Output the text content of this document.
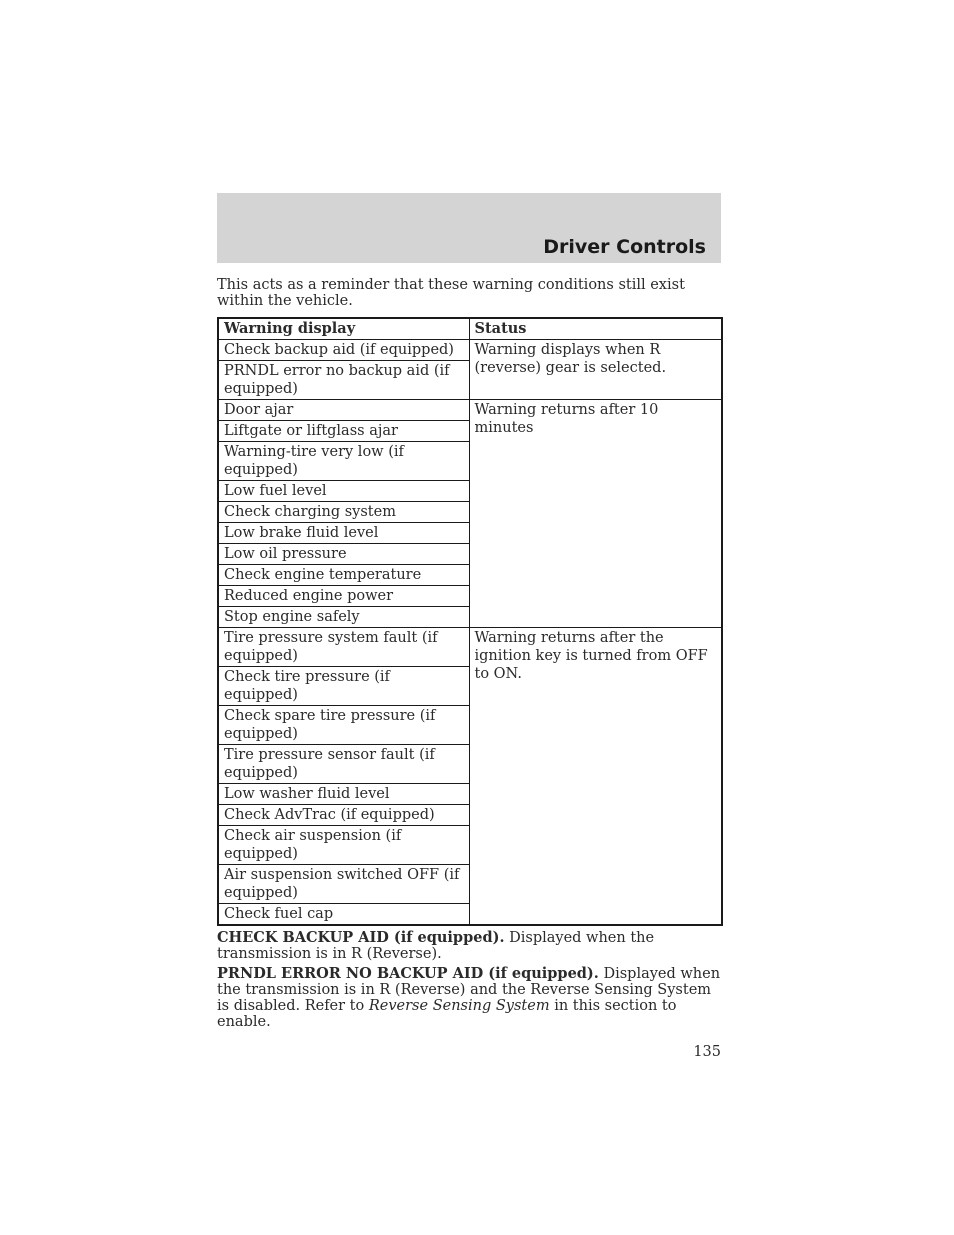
Driver Controls
This acts as a reminder that these warning conditions still exist within the vehicle.
Warning display	Status
Check backup aid (if equipped)	Warning displays when R (reverse) gear is selected.
PRNDL error no backup aid (if equipped)	
Door ajar	Warning returns after 10 minutes
Liftgate or liftglass ajar	
Warning-tire very low (if equipped)	
Low fuel level	
Check charging system	
Low brake fluid level	
Low oil pressure	
Check engine temperature	
Reduced engine power	
Stop engine safely	
Tire pressure system fault (if equipped)	Warning returns after the ignition key is turned from OFF to ON.
Check tire pressure (if equipped)	
Check spare tire pressure (if equipped)	
Tire pressure sensor fault (if equipped)	
Low washer fluid level	
Check AdvTrac (if equipped)	
Check air suspension (if equipped)	
Air suspension switched OFF (if equipped)	
Check fuel cap	

CHECK BACKUP AID (if equipped). Displayed when the transmission is in R (Reverse).

PRNDL ERROR NO BACKUP AID (if equipped). Displayed when the transmission is in R (Reverse) and the Reverse Sensing System is disabled. Refer to Reverse Sensing System in this section to enable.

135
